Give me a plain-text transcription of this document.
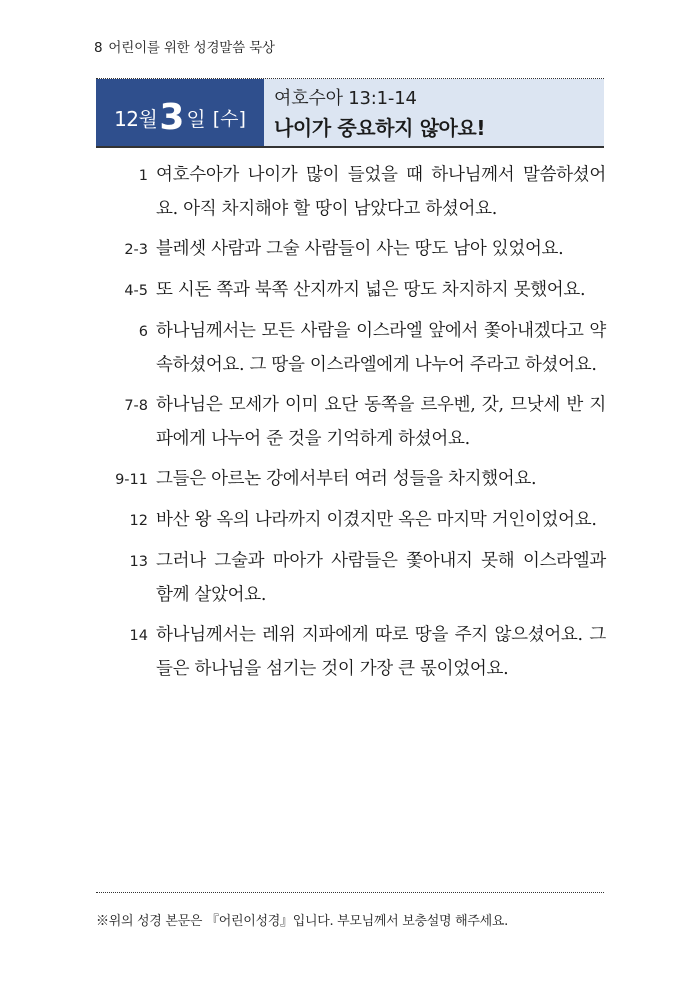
8 어린이를 위한 성경말씀 묵상
12월 3 일 [수]
여호수아 13:1-14
나이가 중요하지 않아요!
1 여호수아가 나이가 많이 들었을 때 하나님께서 말씀하셨어요. 아직 차지해야 할 땅이 남았다고 하셨어요.
2-3 블레셋 사람과 그술 사람들이 사는 땅도 남아 있었어요.
4-5 또 시돈 쪽과 북쪽 산지까지 넓은 땅도 차지하지 못했어요.
6 하나님께서는 모든 사람을 이스라엘 앞에서 쫓아내겠다고 약속하셨어요. 그 땅을 이스라엘에게 나누어 주라고 하셨어요.
7-8 하나님은 모세가 이미 요단 동쪽을 르우벤, 갓, 므낫세 반 지파에게 나누어 준 것을 기억하게 하셨어요.
9-11 그들은 아르논 강에서부터 여러 성들을 차지했어요.
12 바산 왕 옥의 나라까지 이겼지만 옥은 마지막 거인이었어요.
13 그러나 그술과 마아가 사람들은 쫓아내지 못해 이스라엘과 함께 살았어요.
14 하나님께서는 레위 지파에게 따로 땅을 주지 않으셨어요. 그들은 하나님을 섬기는 것이 가장 큰 몫이었어요.
※위의 성경 본문은 『어린이성경』입니다. 부모님께서 보충설명 해주세요.
